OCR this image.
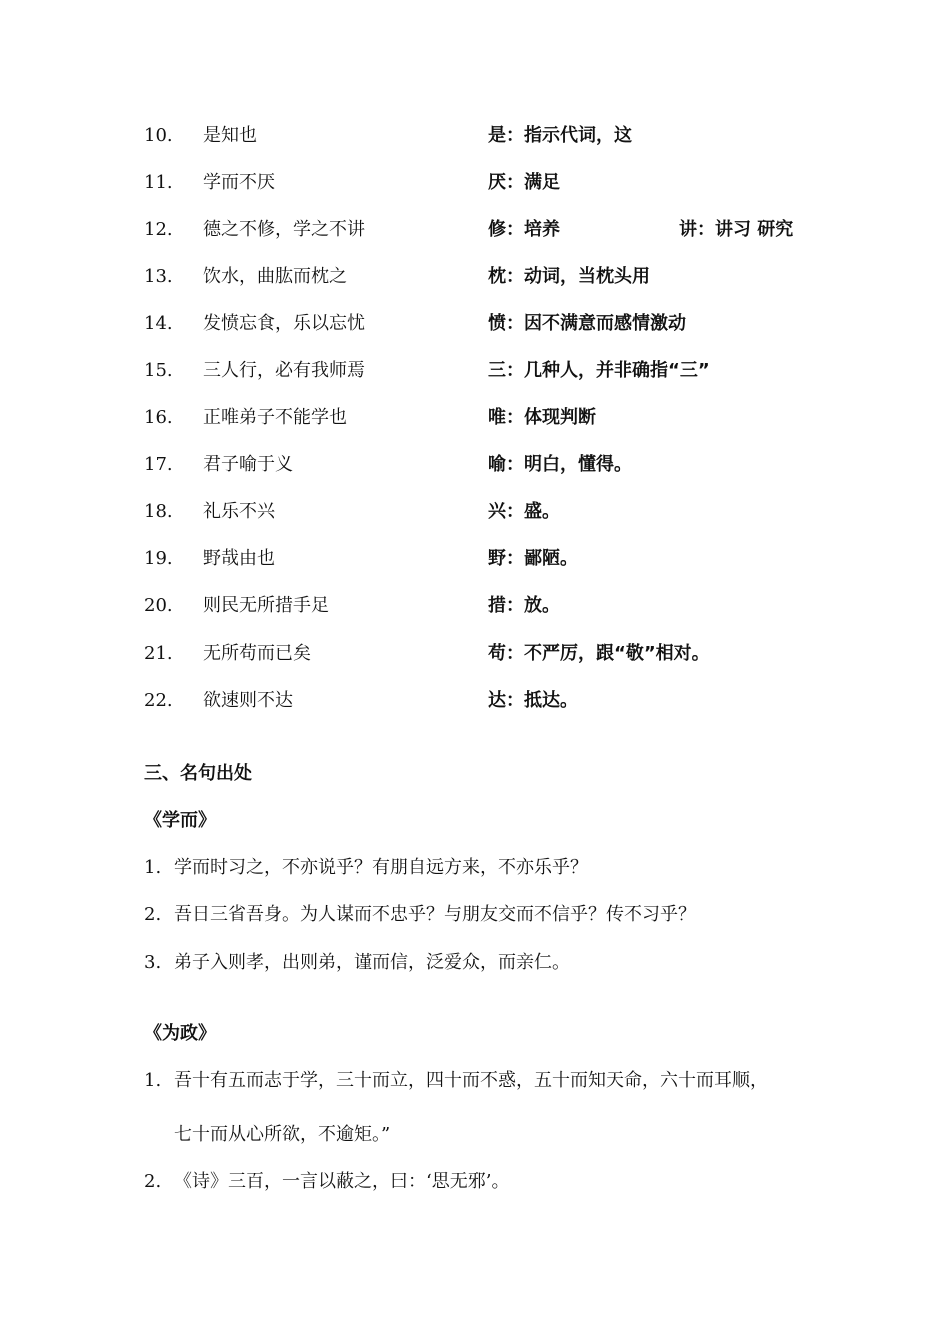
10. 是知也	是：指示代词，这
11. 学而不厌	厌：满足
12. 德之不修，学之不讲	修：培养	讲：讲习 研究
13. 饮水，曲肱而枕之	枕：动词，当枕头用
14. 发愤忘食，乐以忘忧	愤：因不满意而感情激动
15. 三人行，必有我师焉	三：几种人，并非确指“三”
16. 正唯弟子不能学也	唯：体现判断
17. 君子喻于义	喻：明白，懂得。
18. 礼乐不兴	兴：盛。
19. 野哉由也	野：鄙陋。
20. 则民无所措手足	措：放。
21. 无所苟而已矣	苟：不严厉，跟“敬”相对。
22. 欲速则不达	达：抵达。
三、名句出处
《学而》
1. 学而时习之，不亦说乎？有朋自远方来，不亦乐乎？
2. 吾日三省吾身。为人谋而不忠乎？与朋友交而不信乎？传不习乎？
3. 弟子入则孝，出则弟，谨而信，泛爱众，而亲仁。
《为政》
1. 吾十有五而志于学，三十而立，四十而不惑，五十而知天命，六十而耳顺，
七十而从心所欲，不逾矩。”
2. 《诗》三百，一言以蔽之，曰：‘思无邪’。
